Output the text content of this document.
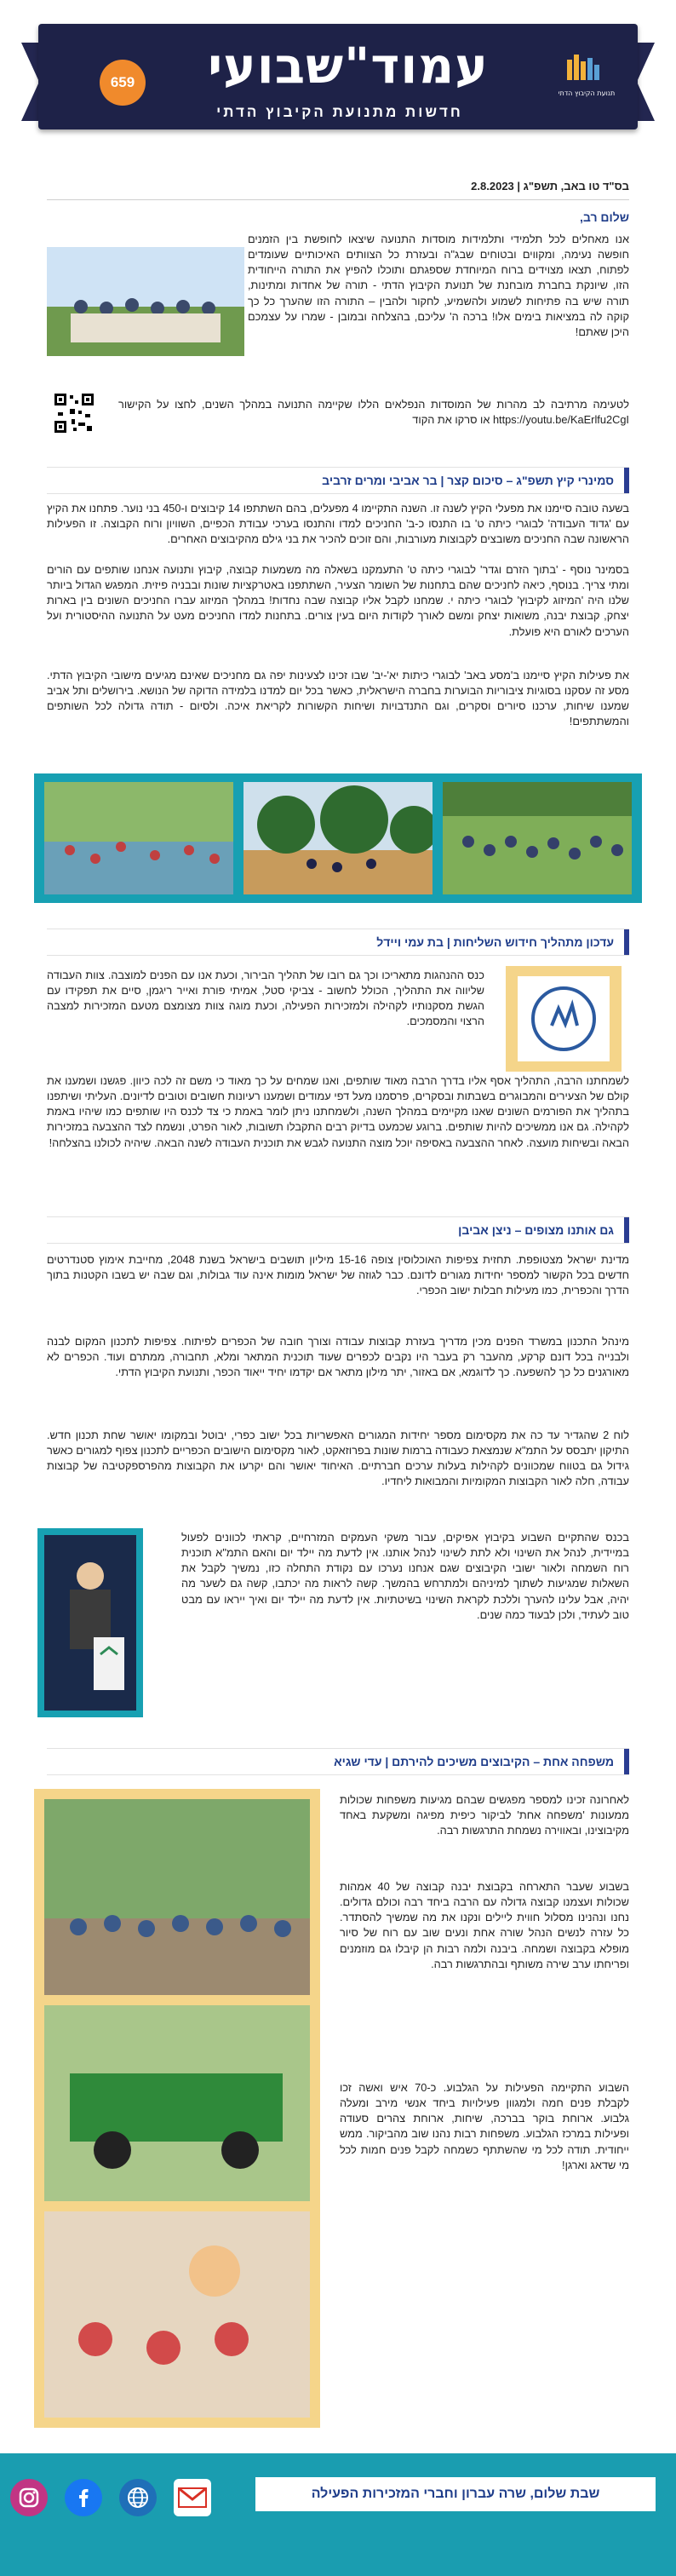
תנועת הקיבוץ הדתי
עמוד"שבועי
חדשות מתנועת הקיבוץ הדתי
659
בס"ד טו באב, תשפ"ג | 2.8.2023
שלום רב,
אנו מאחלים לכל תלמידי ותלמידות מוסדות התנועה שיצאו לחופשת בין הזמנים חופשה נעימה, ומקווים ובטוחים שבג"ה ובעזרת כל הצוותים האיכותיים שעומדים לפתוח, תצאו מצוידים ברוח המיוחדת שספגתם ותוכלו להפיץ את התורה הייחודית הזו, שיונקת בחברת מובחנת של תנועת הקיבוץ הדתי - תורה של אחדות ומתינות, תורה שיש בה פתיחות לשמוע ולהשמיע, לחקור ולהבין – התורה הזו שהערך כל כך קוקה לה במציאות בימים אלו! ברכה ה' עליכם, בהצלחה ובמובן - שמרו על עצמכם היכן שאתם!
לטעימה מרתיבה לב מהרות של המוסדות הנפלאים הללו שקיימה התנועה במהלך השנים, לחצו על הקישור https://youtu.be/KaErlfu2CgI או סרקו את הקוד
סמינרי קיץ תשפ"ג – סיכום קצר | בר אביבי ומרים זרביב
בשעה טובה סיימנו את מפעלי הקיץ לשנה זו. השנה התקיימו 4 מפעלים, בהם השתתפו 14 קיבוצים ו-450 בני נוער. פתחנו את הקיץ עם 'גדוד העבודה' לבוגרי כיתה ט' בו התנסו כ-ב' החניכים למדו והתנסו בערכי עבודת הכפיים, השוויון ורוח הקבוצה. זו הפעילות הראשונה שבה החניכים משובצים לקבוצות מעורבות, והם זוכים להכיר את בני גילם מהקיבוצים האחרים.
בסמינר נוסף - 'בתוך הזרם וגדר' לבוגרי כיתה ט' התעמקנו בשאלה מה משמעות קבוצה, קיבוץ ותנועה אנחנו שותפים עם הורים ומתי צריך. בנוסף, כיאה לחניכים שהם בתחנות של השומר הצעיר, השתתפנו באטרקציות שונות ובבניה פיזית. המפגש הגדול ביותר שלנו היה 'המיזוג לקיבוץ' לבוגרי כיתה י. שמחנו לקבל אליו קבוצה שבה נחדות! במהלך המיזוג עברו החניכים השונים בין בארות יצחק, קבוצת יבנה, משואות יצחק ומשם לאורך לקודות היום בעין צורים. בתחנות למדו החניכים מעט על התנועה ההיסטורית ועל הערכים לאורם היא פועלת.
את פעילות הקיץ סיימנו ב'מסע באב' לבוגרי כיתות יא'-יב' שבו זכינו לצעינות יפה גם מחניכים שאינם מגיעים מישובי הקיבוץ הדתי. מסע זה עסקנו בסוגיות ציבוריות הבוערות בחברה הישראלית, כאשר בכל יום למדנו בלמידה הדוקה של הנושא. בירושלים ותל אביב שמענו שיחות, ערכנו סיורים וסקרים, וגם התנדבויות ושיחות הקשורות לקריאת איכה. ולסיום - תודה גדולה לכל השותפים והמשתתפים!
עדכון מתהליך חידוש השליחות | בת עמי ויידל
כנס ההנהגות מתאריכו וכך גם רובו של תהליך הבירור, וכעת אנו עם הפנים למוצבה. צוות העבודה שליווה את התהליך, הכולל לחשוב - צביקי סטל, אמיתי פורת ואייר ריגמן, סיים את תפקידו עם הגשת מסקנותיו לקהילה ולמזכירות הפעילה, וכעת מוגה צוות מצומצם מטעם המזכירות למצבה הרצוי והמסמכים.
לשמחתנו הרבה, התהליך אסף אליו בדרך הרבה מאוד שותפים, ואנו שמחים על כך מאוד כי משם זה לכה כיוון. פגשנו ושמענו את קולם של הצעירים והמבוגרים בשבתות ובסקרים, פרסמנו מעל דפי עמודים ושמענו רעיונות חשובים וטובים לדיונים. העליתי ושיתפנו בתהליך את הפורמים השונים שאנו מקיימים במהלך השנה, ולשמחתנו ניתן לומר באמת כי צד לכנס היו שותפים כמו שיהיו באמת לקהילה. גם אנו ממשיכים להיות שותפים. ברוגע שכמעט בדיוק רבים התקבלו תשובות, לאור הפרט, ונשמח לצד ההצבעה במזכירות הבאה ובשיחות מועצה. לאחר ההצבעה באסיפה יוכל מוצה התנועה לגבש את תוכנית העבודה לשנה הבאה. שיהיה לכולנו בהצלחה!
גם אותנו מצופים – ניצן אביבן
מדינת ישראל מצטופפת. תחזית צפיפות האוכלוסין צופה 15-16 מיליון תושבים בישראל בשנת 2048, מחייבת אימוץ סטנדרטים חדשים בכל הקשור למספר יחידות מגורים לדונם. כבר לגוזה של ישראל מומות אינה עוד גבולות, וגם שבה יש בשבו הקטנות בתוך הדרך והכפרית, כמו מעילות חבלות ישוב הכפרי.
מינהל התכנון במשרד הפנים מכין מדריך בעזרת קבוצות עבודה וצורך חובה של הכפרים לפיתוח. צפיפות לתכנון המקום לבנה ולבנייה בכל דונם קרקע, מהעבר רק בעבר היו נקבים לכפרים שעוד תוכנית המתאר ומלא, תחבורה, ממתרם ועוד. הכפרים לא מאורגנים כל כך להשפעה. כך לדוגמא, אם באזור, יתר מילון מתאר אם יקדמו יחיד ייאוד הכפר, ותנועת הקיבוץ הדתי.
לוח 2 שהגדיר עד כה את מקסימום מספר יחידות המגורים האפשריות בכל ישוב כפרי, יבוטל ובמקומו יאושר שחת תכנון חדש. התיקון יתבסס על התמ"א שנמצאת כעבודה ברמות שונות בפרוזאקט, לאור מקסימום הישובים הכפריים לתכנון צפוף למגורים כאשר גידול גם בטווח שמכוונים לקהילות בעלות ערכים חברתיים. האיחוד יאושר והם יקרעו את הקבוצות מהפרספקטיבה של קבוצות עבודה, חלה לאור הקבוצות המקומיות והמבואות ליחדיו.
בכנס שהתקיים השבוע בקיבוץ אפיקים, עבור משקי העמקים המזרחיים, קראתי לכוונים לפעול במיידית, לנהל את השינוי ולא לתת לשינוי לנהל אותנו. אין לדעת מה יילד יום והאם התמ"א תוכנית רוח השמחה ולאור ישובי הקיבוצים שגם אנחנו נערכו עם נקודת התחלה כזו, נמשיך לקבל את השאלות שמגיעות לשתוך למיניהם ולמתרחש בהמשך. קשה לראות מה יכתבו, קשה גם לשער מה יהיה, אבל עלינו להערך וללכת לקראת השינוי בשיטתיות. אין לדעת מה יילד יום ואיך ייראו עם מבט טוב לעתיד, ולכן לבעוד כמה שנים.
משפחה אחת – הקיבוצים משיכים להירתם | עדי שגיא
לאחרונה זכינו למספר מפגשים שבהם מגיעות משפחות שכולות ממעונות 'משפחה אחת' לביקור כיפית מפיגה ומשקעת באחד מקיבוצינו, ובאווירה נשמחת התרגשות רבה.
בשבוע שעבר התארחה בקבוצת יבנה קבוצה של 40 אמהות שכולות ועצמנו קבוצה גדולה עם הרבה ביחד רבה וכולם גדולים. נחנו ונהנינו מסלול חווית ליילים ונקנו את מה שמשיך להסתדר. כל עזרה לנשים הנהל שורה אחת ונעים שוב עם רוח של סיור מופלא בקבוצה ושמחה. ביבנה ולמה רבות הן קיבלו גם מוזמנים ופריחתו ערב שירה משותף ובהתרגשות רבה.
השבוע התקיימה הפעילות על הגלבוע. כ-70 איש ואשה זכו לקבלת פנים חמה ולמגוון פעילויות ביחד אנשי מירב ומעלה גלבוע. ארוחת בוקר בברכה, שיחות, ארוחת צהרים סעודה ופעילות במרכז הגלבוע. משפחות רבות נהנו שוב מהביקור. ממש ייחודית. תודה לכל מי שהשתתף כשמחה לקבל פנים חמות לכל מי שדאג וארגן!
שבת שלום, שרה עברון וחברי המזכירות הפעילה
